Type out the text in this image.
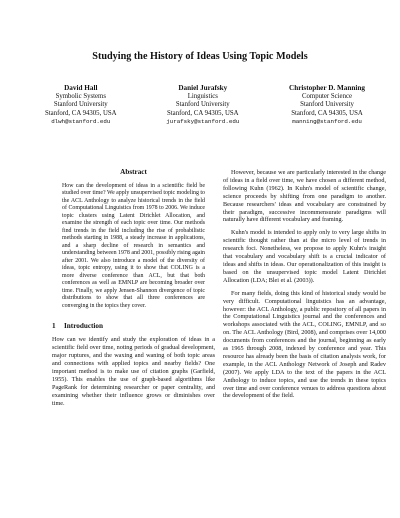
Studying the History of Ideas Using Topic Models
David Hall
Symbolic Systems
Stanford University
Stanford, CA 94305, USA
dlwh@stanford.edu
Daniel Jurafsky
Linguistics
Stanford University
Stanford, CA 94305, USA
jurafsky@stanford.edu
Christopher D. Manning
Computer Science
Stanford University
Stanford, CA 94305, USA
manning@stanford.edu
Abstract
How can the development of ideas in a scientific field be studied over time? We apply unsupervised topic modeling to the ACL Anthology to analyze historical trends in the field of Computational Linguistics from 1978 to 2006. We induce topic clusters using Latent Dirichlet Allocation, and examine the strength of each topic over time. Our methods find trends in the field including the rise of probabilistic methods starting in 1988, a steady increase in applications, and a sharp decline of research in semantics and understanding between 1978 and 2001, possibly rising again after 2001. We also introduce a model of the diversity of ideas, topic entropy, using it to show that COLING is a more diverse conference than ACL, but that both conferences as well as EMNLP are becoming broader over time. Finally, we apply Jensen-Shannon divergence of topic distributions to show that all three conferences are converging in the topics they cover.
1 Introduction

How can we identify and study the exploration of ideas in a scientific field over time, noting periods of gradual development, major ruptures, and the waxing and waning of both topic areas and connections with applied topics and nearby fields? One important method is to make use of citation graphs (Garfield, 1955). This enables the use of graph-based algorithms like PageRank for determining researcher or paper centrality, and examining whether their influence grows or diminishes over time.

However, because we are particularly interested in the change of ideas in a field over time, we have chosen a different method, following Kuhn (1962). In Kuhn's model of scientific change, science proceeds by shifting from one paradigm to another. Because researchers' ideas and vocabulary are constrained by their paradigm, successive incommensurate paradigms will naturally have different vocabulary and framing.

Kuhn's model is intended to apply only to very large shifts in scientific thought rather than at the micro level of trends in research foci. Nonetheless, we propose to apply Kuhn's insight that vocabulary and vocabulary shift is a crucial indicator of ideas and shifts in ideas. Our operationalization of this insight is based on the unsupervised topic model Latent Dirichlet Allocation (LDA; Blei et al. (2003)).

For many fields, doing this kind of historical study would be very difficult. Computational linguistics has an advantage, however: the ACL Anthology, a public repository of all papers in the Computational Linguistics journal and the conferences and workshops associated with the ACL, COLING, EMNLP, and so on. The ACL Anthology (Bird, 2008), and comprises over 14,000 documents from conferences and the journal, beginning as early as 1965 through 2008, indexed by conference and year. This resource has already been the basis of citation analysis work, for example, in the ACL Anthology Network of Joseph and Radev (2007). We apply LDA to the text of the papers in the ACL Anthology to induce topics, and use the trends in these topics over time and over conference venues to address questions about the development of the field.
